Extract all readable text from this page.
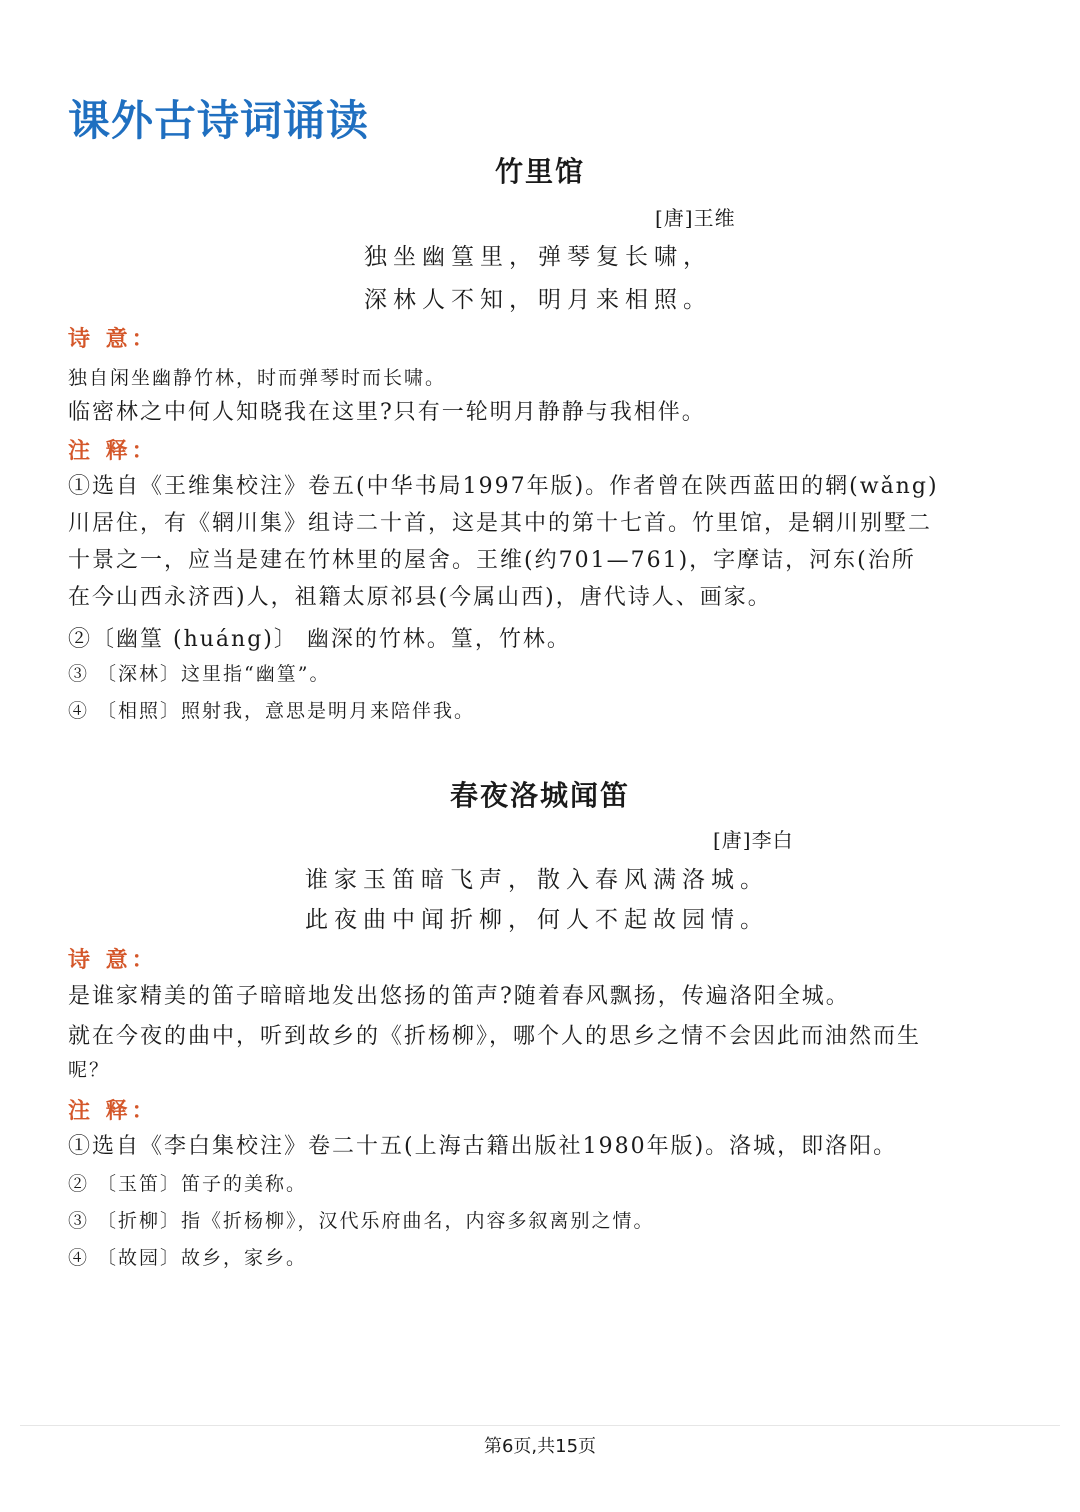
课外古诗词诵读
竹里馆
[唐]王维
独坐幽篁里，弹琴复长啸，
深林人不知，明月来相照。
诗 意：
独自闲坐幽静竹林，时而弹琴时而长啸。
临密林之中何人知晓我在这里?只有一轮明月静静与我相伴。
注 释：
①选自《王维集校注》卷五(中华书局1997年版)。作者曾在陕西蓝田的辋(wǎng)
川居住，有《辋川集》组诗二十首，这是其中的第十七首。竹里馆，是辋川别墅二
十景之一，应当是建在竹林里的屋舍。王维(约701—761)，字摩诘，河东(治所
在今山西永济西)人，祖籍太原祁县(今属山西)，唐代诗人、画家。
②〔幽篁 (huáng)〕 幽深的竹林。篁，竹林。
③ 〔深林〕这里指“幽篁”。
④ 〔相照〕照射我，意思是明月来陪伴我。
春夜洛城闻笛
[唐]李白
谁家玉笛暗飞声，散入春风满洛城。
此夜曲中闻折柳，何人不起故园情。
诗 意：
是谁家精美的笛子暗暗地发出悠扬的笛声?随着春风飘扬，传遍洛阳全城。
就在今夜的曲中，听到故乡的《折杨柳》，哪个人的思乡之情不会因此而油然而生
呢？
注 释：
①选自《李白集校注》卷二十五(上海古籍出版社1980年版)。洛城，即洛阳。
② 〔玉笛〕笛子的美称。
③ 〔折柳〕指《折杨柳》，汉代乐府曲名，内容多叙离别之情。
④ 〔故园〕故乡，家乡。
第6页,共15页
